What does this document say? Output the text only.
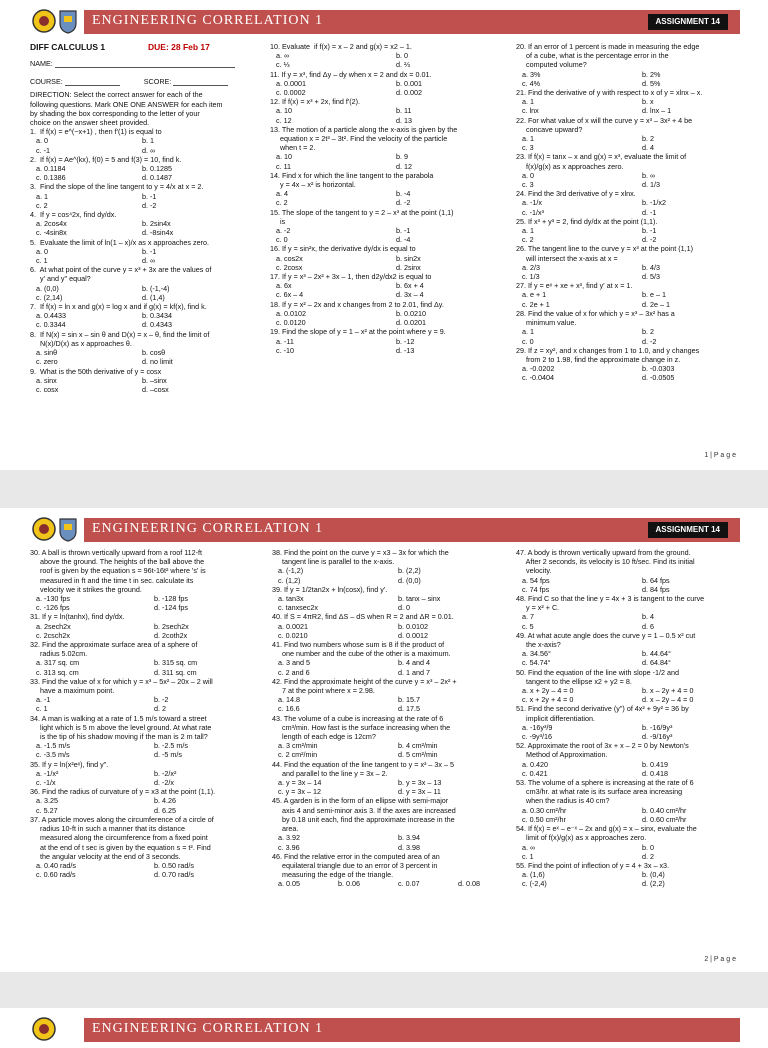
ENGINEERING CORRELATION 1	ASSIGNMENT 14
DIFF CALCULUS 1	DUE: 28 Feb 17
NAME:
COURSE:	SCORE:
DIRECTION: Select the correct answer for each of the
following questions. Mark ONE ONE ANSWER for each item
by shading the box corresponding to the letter of your
choice on the answer sheet provided.
1.  If f(x) = e^(−x+1) , then f'(1) is equal to
a. 0	b. 1
c. -1	d. ∞
2.  If f(x) = Ae^(kx), f(0) = 5 and f(3) = 10, find k.
a. 0.1184	b. 0.1285
c. 0.1386	d. 0.1487
3.  Find the slope of the line tangent to y = 4/x at x = 2.
a. 1	b. -1
c. 2	d. -2
4.  If y = cos⁴2x, find dy/dx.
a. 2cos4x	b. 2sin4x
c. -4sin8x	d. -8sin4x
5.  Evaluate the limit of ln(1 – x)/x as x approaches zero.
a. 0	b. -1
c. 1	d. ∞
6.  At what point of the curve y = x³ + 3x are the values of
y' and y" equal?
a. (0,0)	b. (-1,-4)
c. (2,14)	d. (1,4)
7.  If f(x) = ln x and g(x) = log x and if g(x) = kf(x), find k.
a. 0.4433	b. 0.3434
c. 0.3344	d. 0.4343
8.  If N(x) = sin x – sin θ and D(x) = x – θ, find the limit of
N(x)/D(x) as x approaches θ.
a. sinθ	b. cosθ
c. zero	d. no limit
9.  What is the 50th derivative of y = cosx
a. sinx	b. –sinx
c. cosx	d. –cosx
10. Evaluate  if f(x) = x – 2 and g(x) = x2 – 1.
a. ∞	b. 0
c. ⅓	d. ⅔
11. If y = x³, find Δy – dy when x = 2 and dx = 0.01.
a. 0.0001	b. 0.001
c. 0.0002	d. 0.002
12. If f(x) = x³ + 2x, find f'(2).
a. 10	b. 11
c. 12	d. 13
13. The motion of a particle along the x-axis is given by the
equation x = 2t³ – 3t². Find the velocity of the particle
when t = 2.
a. 10	b. 9
c. 11	d. 12
14. Find x for which the line tangent to the parabola
y = 4x – x² is horizontal.
a. 4	b. -4
c. 2	d. -2
15. The slope of the tangent to y = 2 – x³ at the point (1,1)
is
a. -2	b. -1
c. 0	d. -4
16. If y = sin²x, the derivative dy/dx is equal to
a. cos2x	b. sin2x
c. 2cosx	d. 2sinx
17. If y = x³ – 2x² + 3x – 1, then d2y/dx2 is equal to
a. 6x	b. 6x + 4
c. 6x – 4	d. 3x – 4
18. If y = x² – 2x and x changes from 2 to 2.01, find Δy.
a. 0.0102	b. 0.0210
c. 0.0120	d. 0.0201
19. Find the slope of y = 1 – x² at the point where y = 9.
a. -11	b. -12
c. -10	d. -13
20. If an error of 1 percent is made in measuring the edge
of a cube, what is the percentage error in the
computed volume?
a. 3%	b. 2%
c. 4%	d. 5%
21. Find the derivative of y with respect to x of y = xlnx – x.
a. 1	b. x
c. lnx	d. lnx – 1
22. For what value of x will the curve y = x³ – 3x² + 4 be
concave upward?
a. 1	b. 2
c. 3	d. 4
23. If f(x) = tanx – x and g(x) = x³, evaluate the limit of
f(x)/g(x) as x approaches zero.
a. 0	b. ∞
c. 3	d. 1/3
24. Find the 3rd derivative of y = xlnx.
a. -1/x	b. -1/x2
c. -1/x³	d. -1
25. If x³ + y³ = 2, find dy/dx at the point (1,1).
a. 1	b. -1
c. 2	d. -2
26. The tangent line to the curve y = x³ at the point (1,1)
will intersect the x-axis at x =
a. 2/3	b. 4/3
c. 1/3	d. 5/3
27. If y = eˣ + xe + x³, find y' at x = 1.
a. e + 1	b. e – 1
c. 2e + 1	d. 2e – 1
28. Find the value of x for which y = x³ – 3x² has a
minimum value.
a. 1	b. 2
c. 0	d. -2
29. If z = xy², and x changes from 1 to 1.0, and y changes
from 2 to 1.98, find the approximate change in z.
a. -0.0202	b. -0.0303
c. -0.0404	d. -0.0505
1 | P a g e
ENGINEERING CORRELATION 1	ASSIGNMENT 14
30. A ball is thrown vertically upward from a roof 112-ft
above the ground. The heights of the ball above the
roof is given by the equation s = 96t-16t² where 's' is
measured in ft and the time t in sec. calculate its
velocity we it strikes the ground.
a. -130 fps	b. -128 fps
c. -126 fps	d. -124 fps
31. If y = ln(tanhx), find dy/dx.
a. 2sech2x	b. 2sech2x
c. 2csch2x	d. 2coth2x
32. Find the approximate surface area of a sphere of
radius 5.02cm.
a. 317 sq. cm	b. 315 sq. cm
c. 313 sq. cm	d. 311 sq. cm
33. Find the value of x for which y = x³ – 5x² – 20x – 2 will
have a maximum point.
a. -1	b. -2
c. 1	d. 2
34. A man is walking at a rate of 1.5 m/s toward a street
light which is 5 m above the level ground. At what rate
is the tip of his shadow moving if the man is 2 m tall?
a. -1.5 m/s	b. -2.5 m/s
c. -3.5 m/s	d. -5 m/s
35. If y = ln(x²eˣ), find y".
a. -1/x²	b. -2/x²
c. -1/x	d. -2/x
36. Find the radius of curvature of y = x3 at the point (1,1).
a. 3.25	b. 4.26
c. 5.27	d. 6.25
37. A particle moves along the circumference of a circle of
radius 10-ft in such a manner that its distance
measured along the circumference from a fixed point
at the end of t sec is given by the equation s = t². Find
the angular velocity at the end of 3 seconds.
a. 0.40 rad/s	b. 0.50 rad/s
c. 0.60 rad/s	d. 0.70 rad/s
38. Find the point on the curve y = x3 – 3x for which the
tangent line is parallel to the x-axis.
a. (-1,2)	b. (2,2)
c. (1,2)	d. (0,0)
39. If y = 1/2tan2x + ln(cosx), find y'.
a. tan3x	b. tanx – sinx
c. tanxsec2x	d. 0
40. If S = 4πR2, find ΔS – dS when R = 2 and ΔR = 0.01.
a. 0.0021	b. 0.0102
c. 0.0210	d. 0.0012
41. Find two numbers whose sum is 8 if the product of
one number and the cube of the other is a maximum.
a. 3 and 5	b. 4 and 4
c. 2 and 6	d. 1 and 7
42. Find the approximate height of the curve y = x³ – 2x² +
7 at the point where x = 2.98.
a. 14.8	b. 15.7
c. 16.6	d. 17.5
43. The volume of a cube is increasing at the rate of 6
cm³/min. How fast is the surface increasing when the
length of each edge is 12cm?
a. 3 cm²/min	b. 4 cm²/min
c. 2 cm²/min	d. 5 cm²/min
44. Find the equation of the line tangent to y = x³ – 3x – 5
and parallel to the line y = 3x – 2.
a. y = 3x – 14	b. y = 3x – 13
c. y = 3x – 12	d. y = 3x – 11
45. A garden is in the form of an ellipse with semi-major
axis 4 and semi-minor axis 3. If the axes are increased
by 0.18 unit each, find the approximate increase in the
area.
a. 3.92	b. 3.94
c. 3.96	d. 3.98
46. Find the relative error in the computed area of an
equilateral triangle due to an error of 3 percent in
measuring the edge of the triangle.
a. 0.05	b. 0.06	c. 0.07	d. 0.08
47. A body is thrown vertically upward from the ground.
After 2 seconds, its velocity is 10 ft/sec. Find its initial
velocity.
a. 54 fps	b. 64 fps
c. 74 fps	d. 84 fps
48. Find C so that the line y = 4x + 3 is tangent to the curve
y = x² + C.
a. 7	b. 4
c. 5	d. 6
49. At what acute angle does the curve y = 1 – 0.5 x² cut
the x-axis?
a. 34.56°	b. 44.64°
c. 54.74°	d. 64.84°
50. Find the equation of the line with slope -1/2 and
tangent to the ellipse x2 + y2 = 8.
a. x + 2y – 4 = 0	b. x – 2y + 4 = 0
c. x + 2y + 4 = 0	d. x – 2y – 4 = 0
51. Find the second derivative (y") of 4x² + 9y² = 36 by
implicit differentiation.
a. -16y³/9	b. -16/9y³
c. -9y³/16	d. -9/16y³
52. Approximate the root of 3x + x – 2 = 0 by Newton's
Method of Approximation.
a. 0.420	b. 0.419
c. 0.421	d. 0.418
53. The volume of a sphere is increasing at the rate of 6
cm3/hr. at what rate is its surface area increasing
when the radius is 40 cm?
a. 0.30 cm²/hr	b. 0.40 cm²/hr
c. 0.50 cm²/hr	d. 0.60 cm²/hr
54. If f(x) = eˣ – e⁻ˣ – 2x and g(x) = x – sinx, evaluate the
limit of f(x)/g(x) as x approaches zero.
a. ∞	b. 0
c. 1	d. 2
55. Find the point of inflection of y = 4 + 3x – x3.
a. (1,6)	b. (0,4)
c. (-2,4)	d. (2,2)
2 | P a g e
ENGINEERING CORRELATION 1
